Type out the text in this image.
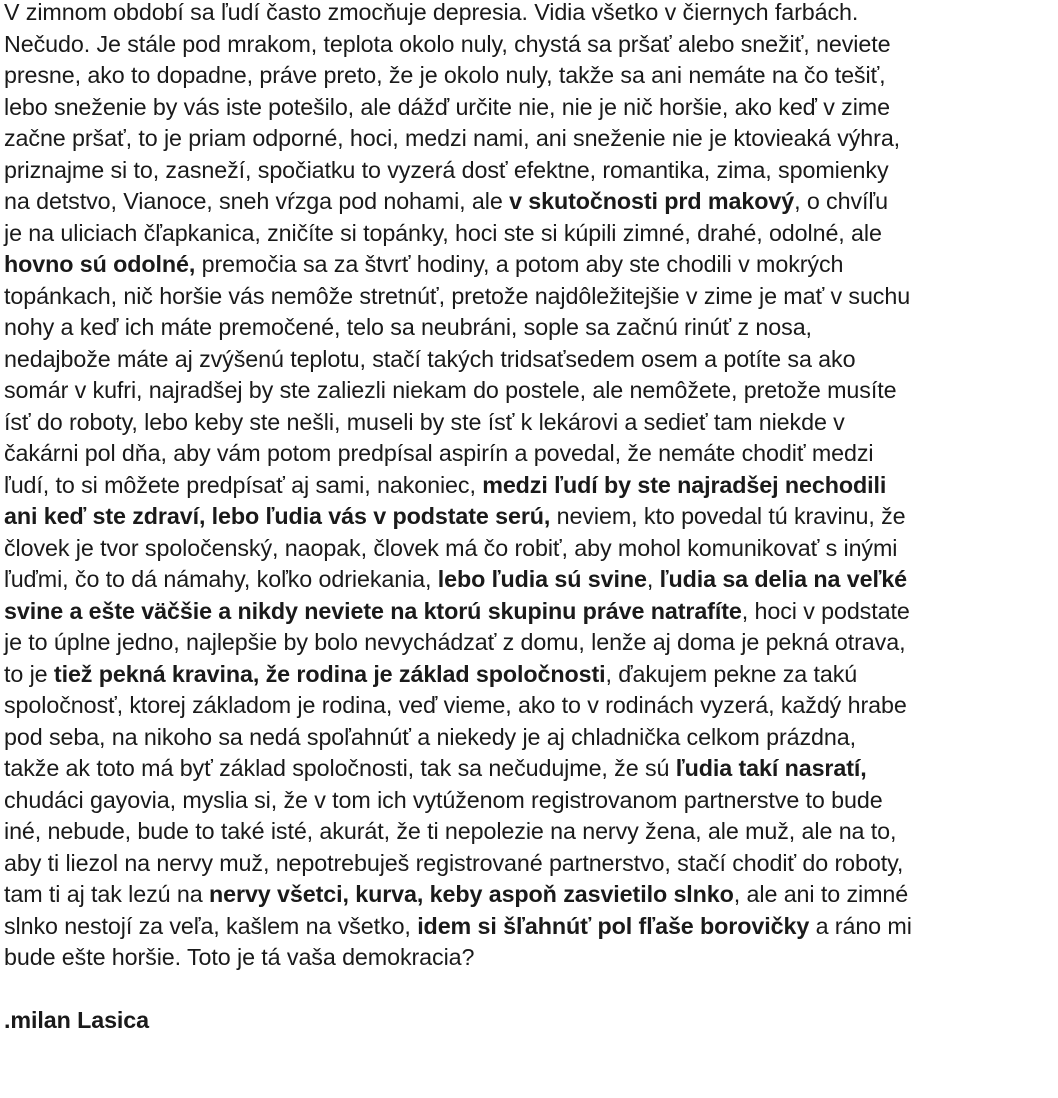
V zimnom období sa ľudí často zmocňuje depresia. Vidia všetko v čiernych farbách.
Nečudo. Je stále pod mrakom, teplota okolo nuly, chystá sa pršať alebo snežiť, neviete
presne, ako to dopadne, práve preto, že je okolo nuly, takže sa ani nemáte na čo tešiť,
lebo sneženie by vás iste potešilo, ale dážď určite nie, nie je nič horšie, ako keď v zime
začne pršať, to je priam odporné, hoci, medzi nami, ani sneženie nie je ktovieaká výhra,
priznajme si to, zasneží, spočiatku to vyzerá dosť efektne, romantika, zima, spomienky
na detstvo, Vianoce, sneh vŕzga pod nohami, ale v skutočnosti prd makový, o chvíľu
je na uliciach čľapkanica, zničíte si topánky, hoci ste si kúpili zimné, drahé, odolné, ale
hovno sú odolné, premočia sa za štvrť hodiny, a potom aby ste chodili v mokrých
topánkach, nič horšie vás nemôže stretnúť, pretože najdôležitejšie v zime je mať v suchu
nohy a keď ich máte premočené, telo sa neubráni, sople sa začnú rinúť z nosa,
nedajbože máte aj zvýšenú teplotu, stačí takých tridsaťsedem osem a potíte sa ako
somár v kufri, najradšej by ste zaliezli niekam do postele, ale nemôžete, pretože musíte
ísť do roboty, lebo keby ste nešli, museli by ste ísť k lekárovi a sedieť tam niekde v
čakárni pol dňa, aby vám potom predpísal aspirín a povedal, že nemáte chodiť medzi
ľudí, to si môžete predpísať aj sami, nakoniec, medzi ľudí by ste najradšej nechodili
ani keď ste zdraví, lebo ľudia vás v podstate serú, neviem, kto povedal tú kravinu, že
človek je tvor spoločenský, naopak, človek má čo robiť, aby mohol komunikovať s inými
ľuďmi, čo to dá námahy, koľko odriekania, lebo ľudia sú svine, ľudia sa delia na veľké
svine a ešte väčšie a nikdy neviete na ktorú skupinu práve natrafíte, hoci v podstate
je to úplne jedno, najlepšie by bolo nevychádzať z domu, lenže aj doma je pekná otrava,
to je tiež pekná kravina, že rodina je základ spoločnosti, ďakujem pekne za takú
spoločnosť, ktorej základom je rodina, veď vieme, ako to v rodinách vyzerá, každý hrabe
pod seba, na nikoho sa nedá spoľahnúť a niekedy je aj chladnička celkom prázdna,
takže ak toto má byť základ spoločnosti, tak sa nečudujme, že sú ľudia takí nasratí,
chudáci gayovia, myslia si, že v tom ich vytúženom registrovanom partnerstve to bude
iné, nebude, bude to také isté, akurát, že ti nepolezie na nervy žena, ale muž, ale na to,
aby ti liezol na nervy muž, nepotrebuješ registrované partnerstvo, stačí chodiť do roboty,
tam ti aj tak lezú na nervy všetci, kurva, keby aspoň zasvietilo slnko, ale ani to zimné
slnko nestojí za veľa, kašlem na všetko, idem si šľahnúť pol fľaše borovičky a ráno mi
bude ešte horšie. Toto je tá vaša demokracia?
.milan Lasica
